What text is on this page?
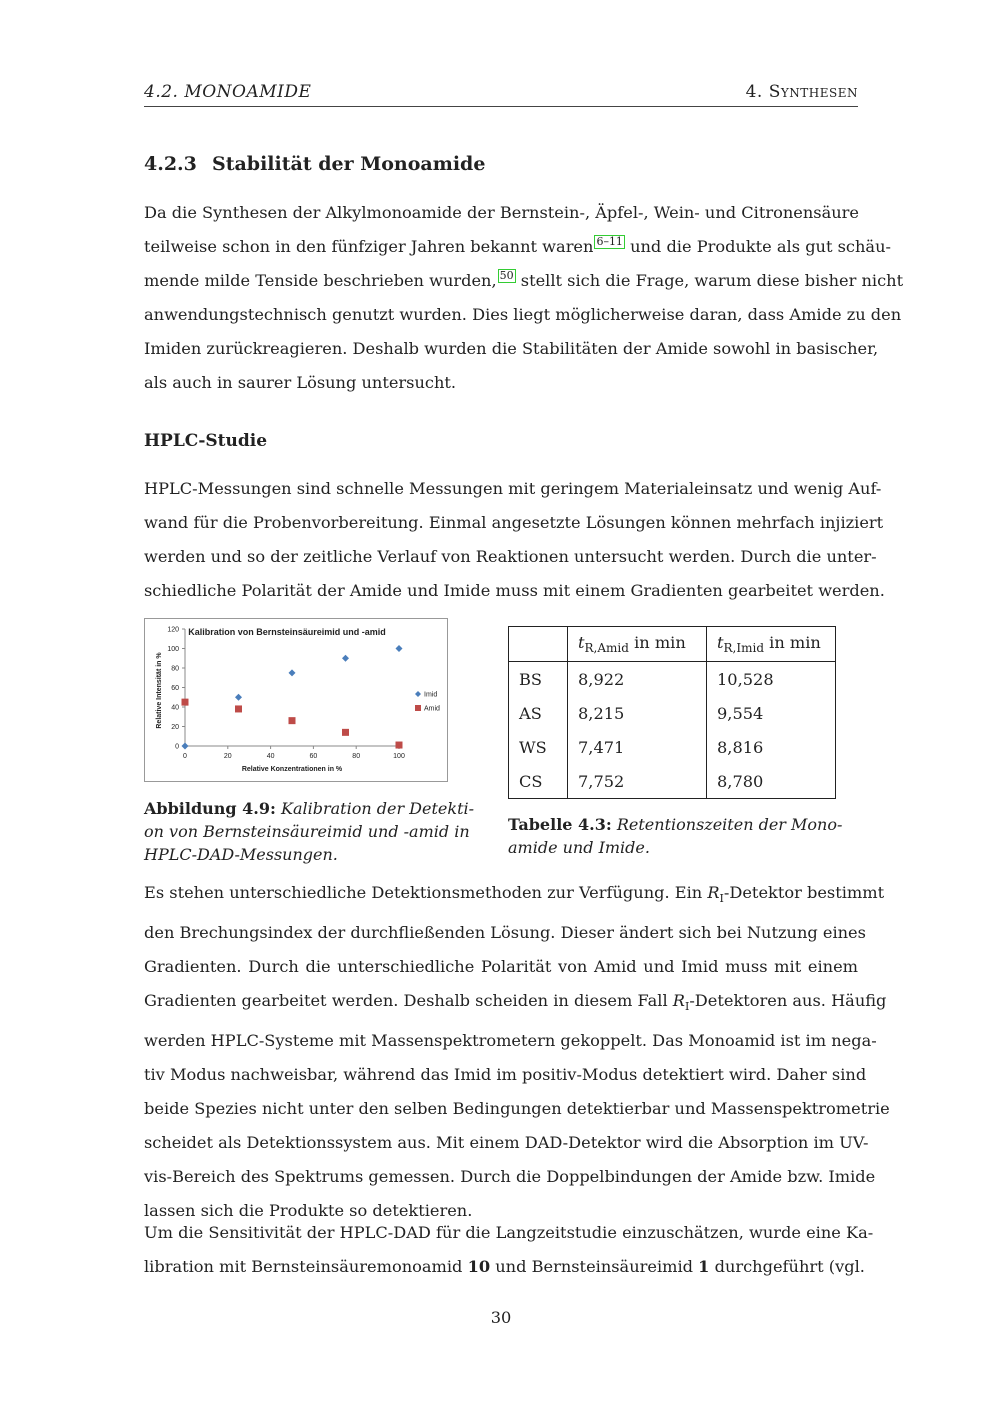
4.2. MONOAMIDE	4. Synthesen
4.2.3 Stabilität der Monoamide
Da die Synthesen der Alkylmonoamide der Bernstein-, Äpfel-, Wein- und Citronensäure
teilweise schon in den fünfziger Jahren bekannt waren 6–11 und die Produkte als gut schäu-
mende milde Tenside beschrieben wurden, 50 stellt sich die Frage, warum diese bisher nicht
anwendungstechnisch genutzt wurden. Dies liegt möglicherweise daran, dass Amide zu den
Imiden zurückreagieren. Deshalb wurden die Stabilitäten der Amide sowohl in basischer,
als auch in saurer Lösung untersucht.
HPLC-Studie
HPLC-Messungen sind schnelle Messungen mit geringem Materialeinsatz und wenig Auf-
wand für die Probenvorbereitung. Einmal angesetzte Lösungen können mehrfach injiziert
werden und so der zeitliche Verlauf von Reaktionen untersucht werden. Durch die unter-
schiedliche Polarität der Amide und Imide muss mit einem Gradienten gearbeitet werden.
Kalibration von Bernsteinsäureimid und -amid
0	20	40	60	80	100
0
20
40
60
80
100
120
Relative Konzentrationen in %
Relative Intensität in %	Imid
Amid
Abbildung 4.9: Kalibration der Detekti-
on von Bernsteinsäureimid und -amid in
HPLC-DAD-Messungen.
	$t_{R,Amid}$ in min	$t_{R,Imid}$ in min
BS	8,922	10,528
AS	8,215	9,554
WS	7,471	8,816
CS	7,752	8,780
Tabelle 4.3: Retentionszeiten der Mono-
amide und Imide.
Es stehen unterschiedliche Detektionsmethoden zur Verfügung. Ein $R_I$-Detektor bestimmt
den Brechungsindex der durchfließenden Lösung. Dieser ändert sich bei Nutzung eines
Gradienten. Durch die unterschiedliche Polarität von Amid und Imid muss mit einem
Gradienten gearbeitet werden. Deshalb scheiden in diesem Fall $R_I$-Detektoren aus. Häufig
werden HPLC-Systeme mit Massenspektrometern gekoppelt. Das Monoamid ist im nega-
tiv Modus nachweisbar, während das Imid im positiv-Modus detektiert wird. Daher sind
beide Spezies nicht unter den selben Bedingungen detektierbar und Massenspektrometrie
scheidet als Detektionssystem aus. Mit einem DAD-Detektor wird die Absorption im UV-
vis-Bereich des Spektrums gemessen. Durch die Doppelbindungen der Amide bzw. Imide
lassen sich die Produkte so detektieren.
Um die Sensitivität der HPLC-DAD für die Langzeitstudie einzuschätzen, wurde eine Ka-
libration mit Bernsteinsäuremonoamid 10 und Bernsteinsäureimid 1 durchgeführt (vgl.
30
